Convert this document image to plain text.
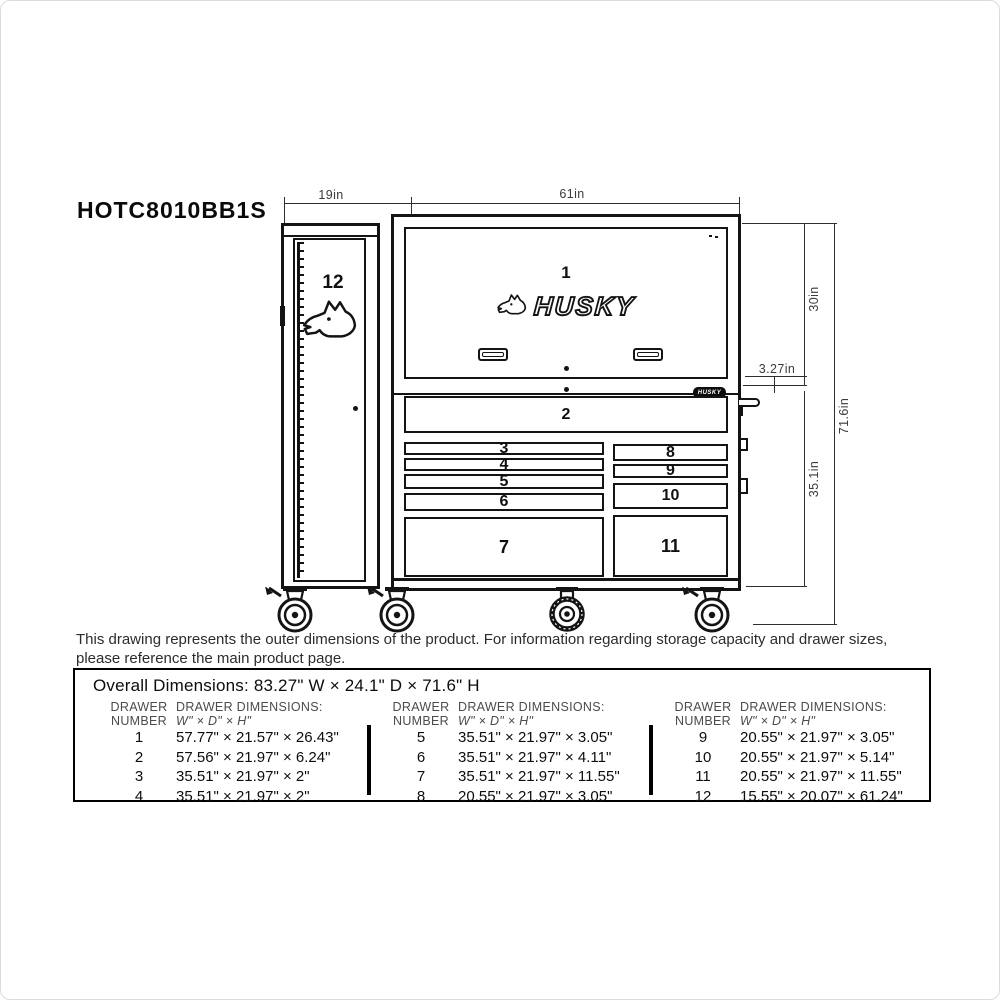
HOTC8010BB1S
19in	61in
30in
3.27in
35.1in
71.6in
12	1
HUSKY
HUSKY
2
3
4
5
6
7
8
9
10
11
This drawing represents the outer dimensions of the product. For information regarding storage capacity and drawer sizes,
please reference the main product page.
Overall Dimensions: 83.27" W × 24.1" D × 71.6" H
DRAWER
NUMBER
DRAWER DIMENSIONS:
W" × D" × H"
1	57.77" × 21.57" × 26.43"
2	57.56" × 21.97" × 6.24"
3	35.51" × 21.97" × 2"
4	35.51" × 21.97" × 2"
DRAWER
NUMBER
DRAWER DIMENSIONS:
W" × D" × H"
5	35.51" × 21.97" × 3.05"
6	35.51" × 21.97" × 4.11"
7	35.51" × 21.97" × 11.55"
8	20.55" × 21.97" × 3.05"
DRAWER
NUMBER
DRAWER DIMENSIONS:
W" × D" × H"
9	20.55" × 21.97" × 3.05"
10	20.55" × 21.97" × 5.14"
11	20.55" × 21.97" × 11.55"
12	15.55" × 20.07" × 61.24"
